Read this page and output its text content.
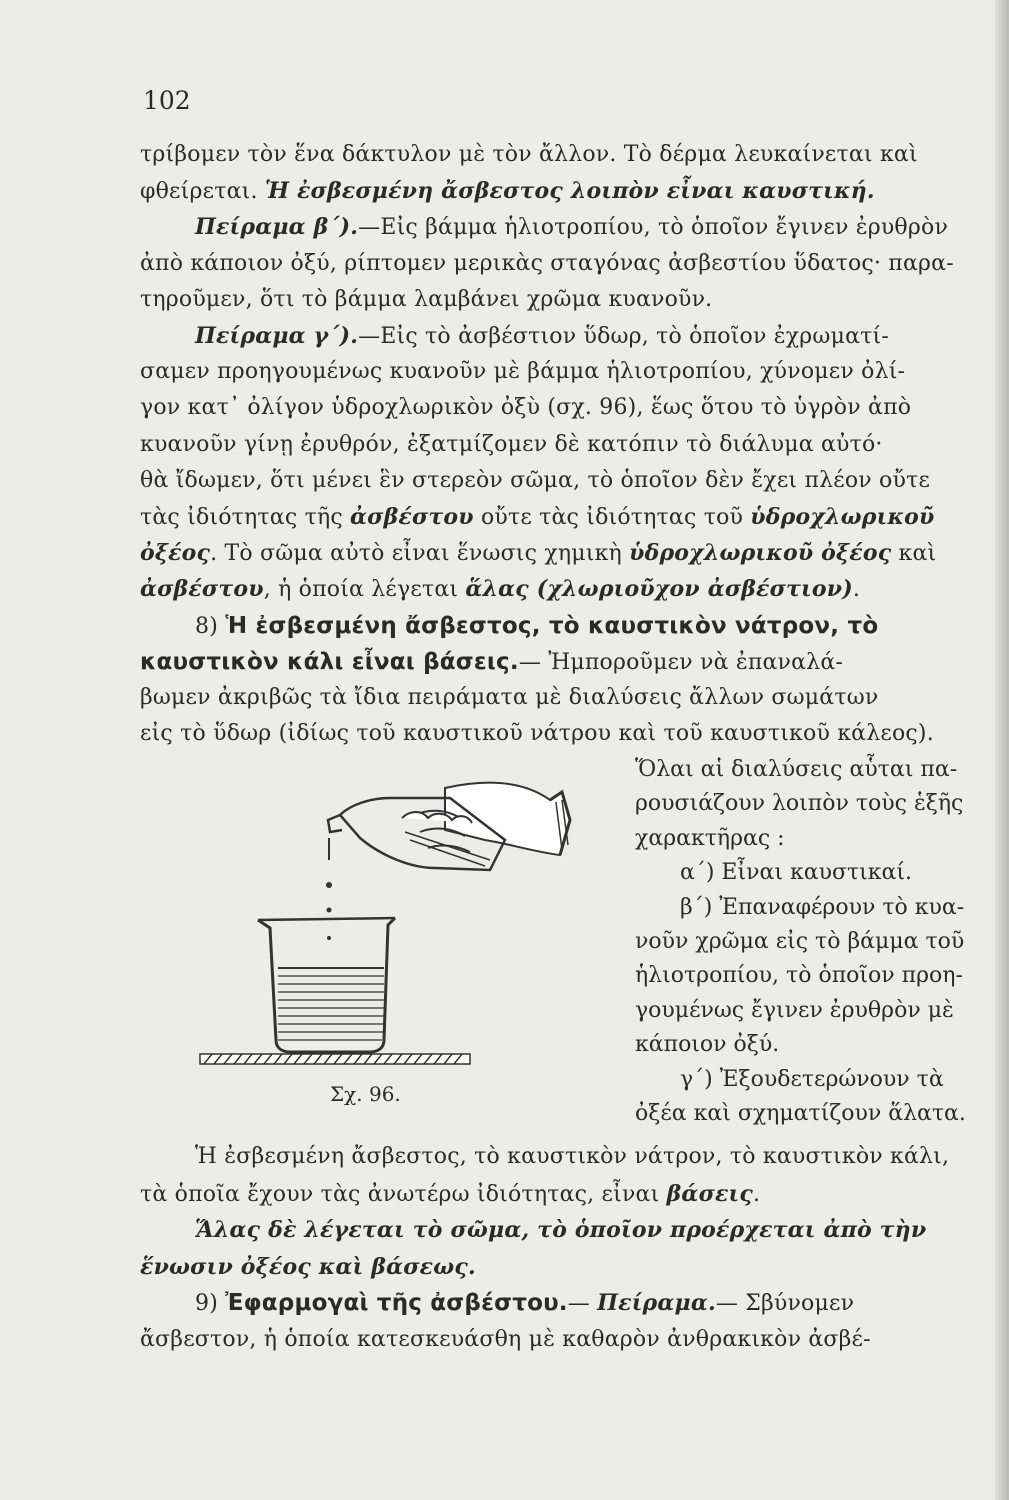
102
τρίβομεν τὸν ἕνα δάκτυλον μὲ τὸν ἄλλον. Τὸ δέρμα λευκαίνεται καὶ
φθείρεται. Ἡ ἐσβεσμένη ἄσβεστος λοιπὸν εἶναι καυστική.
Πείραμα β΄).—Εἰς βάμμα ἡλιοτροπίου, τὸ ὁποῖον ἔγινεν ἐρυθρὸν
ἀπὸ κάποιον ὀξύ, ρίπτομεν μερικὰς σταγόνας ἀσβεστίου ὕδατος· παρα-
τηροῦμεν, ὅτι τὸ βάμμα λαμβάνει χρῶμα κυανοῦν.
Πείραμα γ΄).—Εἰς τὸ ἀσβέστιον ὕδωρ, τὸ ὁποῖον ἐχρωματί-
σαμεν προηγουμένως κυανοῦν μὲ βάμμα ἡλιοτροπίου, χύνομεν ὀλί-
γον κατ᾽ ὀλίγον ὑδροχλωρικὸν ὀξὺ (σχ. 96), ἕως ὅτου τὸ ὑγρὸν ἀπὸ
κυανοῦν γίνῃ ἐρυθρόν, ἐξατμίζομεν δὲ κατόπιν τὸ διάλυμα αὐτό·
θὰ ἴδωμεν, ὅτι μένει ἓν στερεὸν σῶμα, τὸ ὁποῖον δὲν ἔχει πλέον οὔτε
τὰς ἰδιότητας τῆς ἀσβέστου οὔτε τὰς ἰδιότητας τοῦ ὑδροχλωρικοῦ
ὀξέος. Τὸ σῶμα αὐτὸ εἶναι ἕνωσις χημικὴ ὑδροχλωρικοῦ ὀξέος καὶ
ἀσβέστου, ἡ ὁποία λέγεται ἅλας (χλωριοῦχον ἀσβέστιον).
8) Ἡ ἐσβεσμένη ἄσβεστος, τὸ καυστικὸν νάτρον, τὸ
καυστικὸν κάλι εἶναι βάσεις.— Ἠμποροῦμεν νὰ ἐπαναλά-
βωμεν ἀκριβῶς τὰ ἴδια πειράματα μὲ διαλύσεις ἄλλων σωμάτων
εἰς τὸ ὕδωρ (ἰδίως τοῦ καυστικοῦ νάτρου καὶ τοῦ καυστικοῦ κάλεος).
Ὅλαι αἱ διαλύσεις αὗται πα-
ρουσιάζουν λοιπὸν τοὺς ἑξῆς
χαρακτῆρας :
α΄) Εἶναι καυστικαί.
β΄) Ἐπαναφέρουν τὸ κυα-
νοῦν χρῶμα εἰς τὸ βάμμα τοῦ
ἡλιοτροπίου, τὸ ὁποῖον προη-
γουμένως ἔγινεν ἐρυθρὸν μὲ
κάποιον ὀξύ.
γ΄) Ἐξουδετερώνουν τὰ
ὀξέα καὶ σχηματίζουν ἅλατα.
Ἡ ἐσβεσμένη ἄσβεστος, τὸ καυστικὸν νάτρον, τὸ καυστικὸν κάλι,
τὰ ὁποῖα ἔχουν τὰς ἀνωτέρω ἰδιότητας, εἶναι βάσεις.
Ἅλας δὲ λέγεται τὸ σῶμα, τὸ ὁποῖον προέρχεται ἀπὸ τὴν
ἕνωσιν ὀξέος καὶ βάσεως.
9) Ἐφαρμογαὶ τῆς ἀσβέστου.— Πείραμα.— Σβύνομεν
ἄσβεστον, ἡ ὁποία κατεσκευάσθη μὲ καθαρὸν ἀνθρακικὸν ἀσβέ-
Σχ. 96.
